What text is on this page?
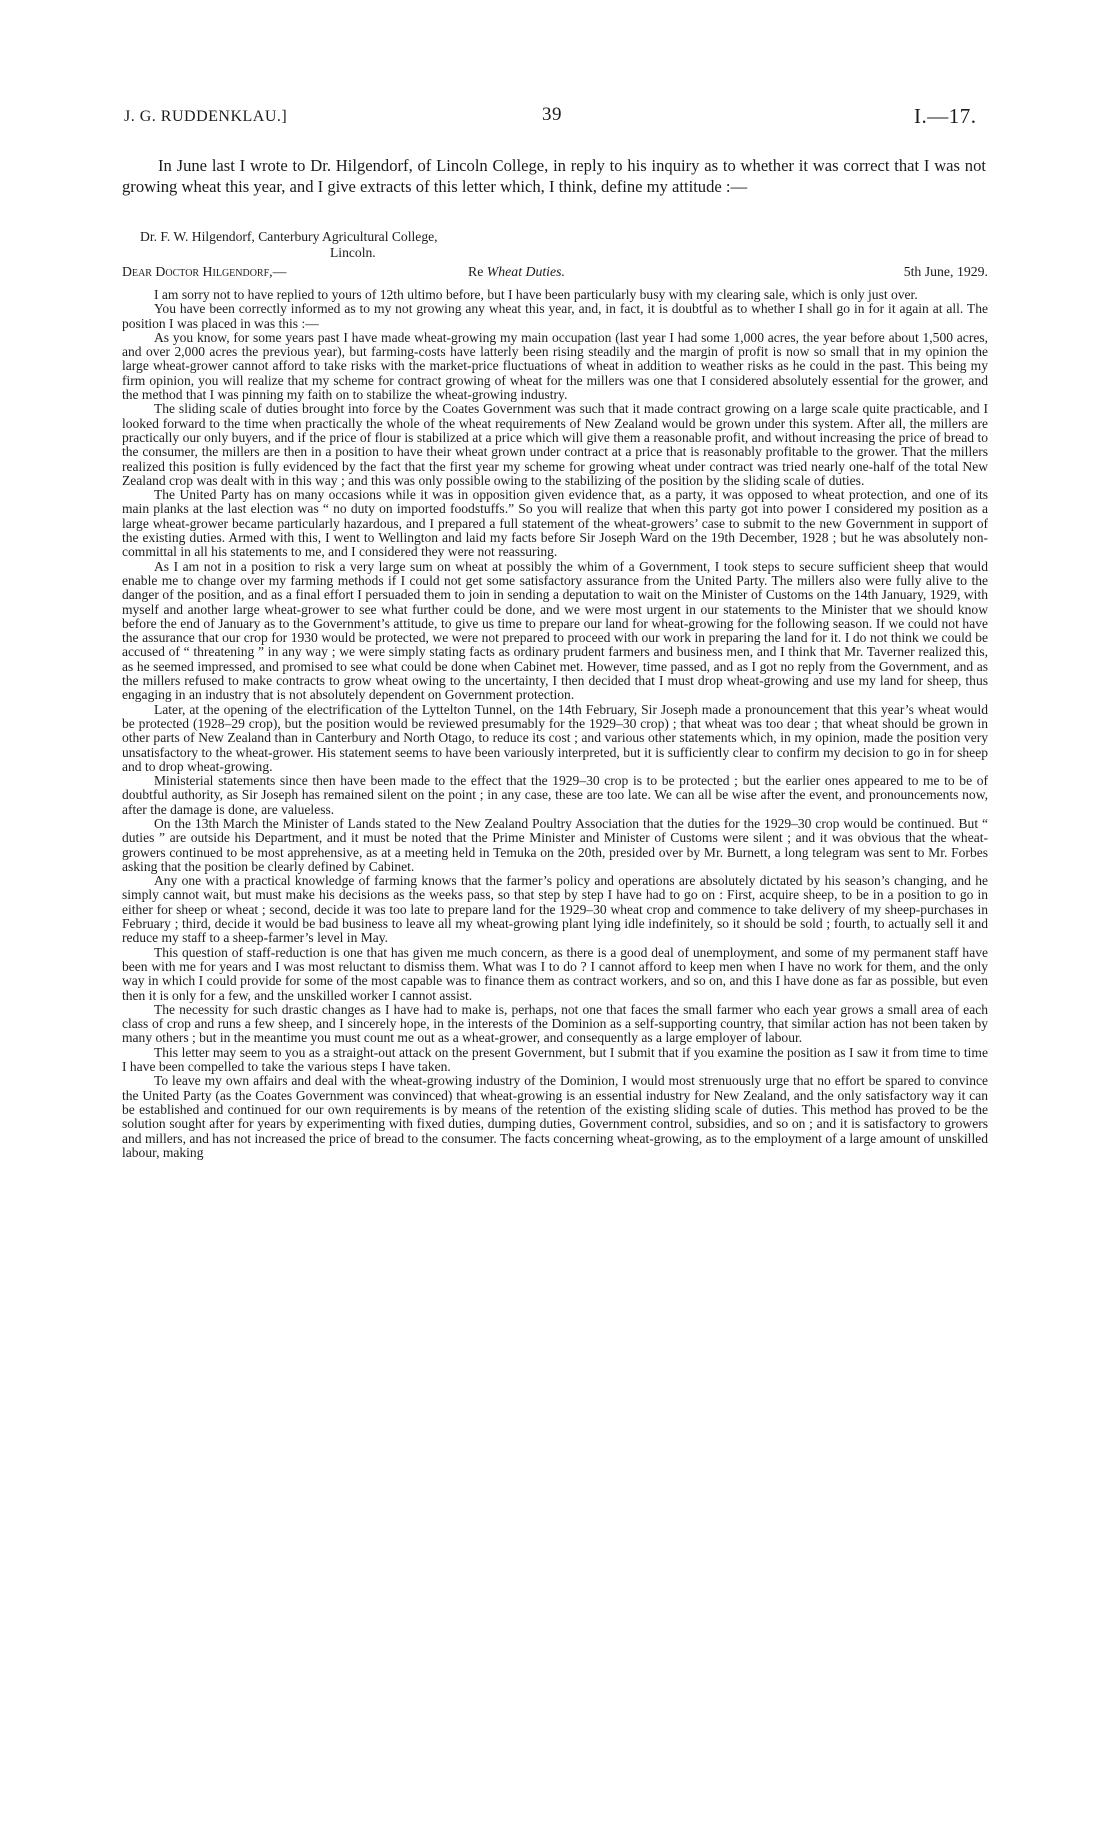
J. G. RUDDENKLAU.]	39	I.—17.

In June last I wrote to Dr. Hilgendorf, of Lincoln College, in reply to his inquiry as to whether it was correct that I was not growing wheat this year, and I give extracts of this letter which, I think, define my attitude :—

Dr. F. W. Hilgendorf, Canterbury Agricultural College,
Lincoln.
Dear Doctor Hilgendorf,—	Re Wheat Duties.	5th June, 1929.

I am sorry not to have replied to yours of 12th ultimo before, but I have been particularly busy with my clearing sale, which is only just over.

You have been correctly informed as to my not growing any wheat this year, and, in fact, it is doubtful as to whether I shall go in for it again at all. The position I was placed in was this :—

As you know, for some years past I have made wheat-growing my main occupation (last year I had some 1,000 acres, the year before about 1,500 acres, and over 2,000 acres the previous year), but farming-costs have latterly been rising steadily and the margin of profit is now so small that in my opinion the large wheat-grower cannot afford to take risks with the market-price fluctuations of wheat in addition to weather risks as he could in the past. This being my firm opinion, you will realize that my scheme for contract growing of wheat for the millers was one that I considered absolutely essential for the grower, and the method that I was pinning my faith on to stabilize the wheat-growing industry.

The sliding scale of duties brought into force by the Coates Government was such that it made contract growing on a large scale quite practicable, and I looked forward to the time when practically the whole of the wheat requirements of New Zealand would be grown under this system. After all, the millers are practically our only buyers, and if the price of flour is stabilized at a price which will give them a reasonable profit, and without increasing the price of bread to the consumer, the millers are then in a position to have their wheat grown under contract at a price that is reasonably profitable to the grower. That the millers realized this position is fully evidenced by the fact that the first year my scheme for growing wheat under contract was tried nearly one-half of the total New Zealand crop was dealt with in this way ; and this was only possible owing to the stabilizing of the position by the sliding scale of duties.

The United Party has on many occasions while it was in opposition given evidence that, as a party, it was opposed to wheat protection, and one of its main planks at the last election was “ no duty on imported foodstuffs.” So you will realize that when this party got into power I considered my position as a large wheat-grower became particularly hazardous, and I prepared a full statement of the wheat-growers’ case to submit to the new Government in support of the existing duties. Armed with this, I went to Wellington and laid my facts before Sir Joseph Ward on the 19th December, 1928 ; but he was absolutely non-committal in all his statements to me, and I considered they were not reassuring.

As I am not in a position to risk a very large sum on wheat at possibly the whim of a Government, I took steps to secure sufficient sheep that would enable me to change over my farming methods if I could not get some satisfactory assurance from the United Party. The millers also were fully alive to the danger of the position, and as a final effort I persuaded them to join in sending a deputation to wait on the Minister of Customs on the 14th January, 1929, with myself and another large wheat-grower to see what further could be done, and we were most urgent in our statements to the Minister that we should know before the end of January as to the Government’s attitude, to give us time to prepare our land for wheat-growing for the following season. If we could not have the assurance that our crop for 1930 would be protected, we were not prepared to proceed with our work in preparing the land for it. I do not think we could be accused of “ threatening ” in any way ; we were simply stating facts as ordinary prudent farmers and business men, and I think that Mr. Taverner realized this, as he seemed impressed, and promised to see what could be done when Cabinet met. However, time passed, and as I got no reply from the Government, and as the millers refused to make contracts to grow wheat owing to the uncertainty, I then decided that I must drop wheat-growing and use my land for sheep, thus engaging in an industry that is not absolutely dependent on Government protection.

Later, at the opening of the electrification of the Lyttelton Tunnel, on the 14th February, Sir Joseph made a pronouncement that this year’s wheat would be protected (1928–29 crop), but the position would be reviewed presumably for the 1929–30 crop) ; that wheat was too dear ; that wheat should be grown in other parts of New Zealand than in Canterbury and North Otago, to reduce its cost ; and various other statements which, in my opinion, made the position very unsatisfactory to the wheat-grower. His statement seems to have been variously interpreted, but it is sufficiently clear to confirm my decision to go in for sheep and to drop wheat-growing.

Ministerial statements since then have been made to the effect that the 1929–30 crop is to be protected ; but the earlier ones appeared to me to be of doubtful authority, as Sir Joseph has remained silent on the point ; in any case, these are too late. We can all be wise after the event, and pronouncements now, after the damage is done, are valueless.

On the 13th March the Minister of Lands stated to the New Zealand Poultry Association that the duties for the 1929–30 crop would be continued. But “ duties ” are outside his Department, and it must be noted that the Prime Minister and Minister of Customs were silent ; and it was obvious that the wheat-growers continued to be most apprehensive, as at a meeting held in Temuka on the 20th, presided over by Mr. Burnett, a long telegram was sent to Mr. Forbes asking that the position be clearly defined by Cabinet.

Any one with a practical knowledge of farming knows that the farmer’s policy and operations are absolutely dictated by his season’s changing, and he simply cannot wait, but must make his decisions as the weeks pass, so that step by step I have had to go on : First, acquire sheep, to be in a position to go in either for sheep or wheat ; second, decide it was too late to prepare land for the 1929–30 wheat crop and commence to take delivery of my sheep-purchases in February ; third, decide it would be bad business to leave all my wheat-growing plant lying idle indefinitely, so it should be sold ; fourth, to actually sell it and reduce my staff to a sheep-farmer’s level in May.

This question of staff-reduction is one that has given me much concern, as there is a good deal of unemployment, and some of my permanent staff have been with me for years and I was most reluctant to dismiss them. What was I to do ? I cannot afford to keep men when I have no work for them, and the only way in which I could provide for some of the most capable was to finance them as contract workers, and so on, and this I have done as far as possible, but even then it is only for a few, and the unskilled worker I cannot assist.

The necessity for such drastic changes as I have had to make is, perhaps, not one that faces the small farmer who each year grows a small area of each class of crop and runs a few sheep, and I sincerely hope, in the interests of the Dominion as a self-supporting country, that similar action has not been taken by many others ; but in the meantime you must count me out as a wheat-grower, and consequently as a large employer of labour.

This letter may seem to you as a straight-out attack on the present Government, but I submit that if you examine the position as I saw it from time to time I have been compelled to take the various steps I have taken.

To leave my own affairs and deal with the wheat-growing industry of the Dominion, I would most strenuously urge that no effort be spared to convince the United Party (as the Coates Government was convinced) that wheat-growing is an essential industry for New Zealand, and the only satisfactory way it can be established and continued for our own requirements is by means of the retention of the existing sliding scale of duties. This method has proved to be the solution sought after for years by experimenting with fixed duties, dumping duties, Government control, subsidies, and so on ; and it is satisfactory to growers and millers, and has not increased the price of bread to the consumer. The facts concerning wheat-growing, as to the employment of a large amount of unskilled labour, making
